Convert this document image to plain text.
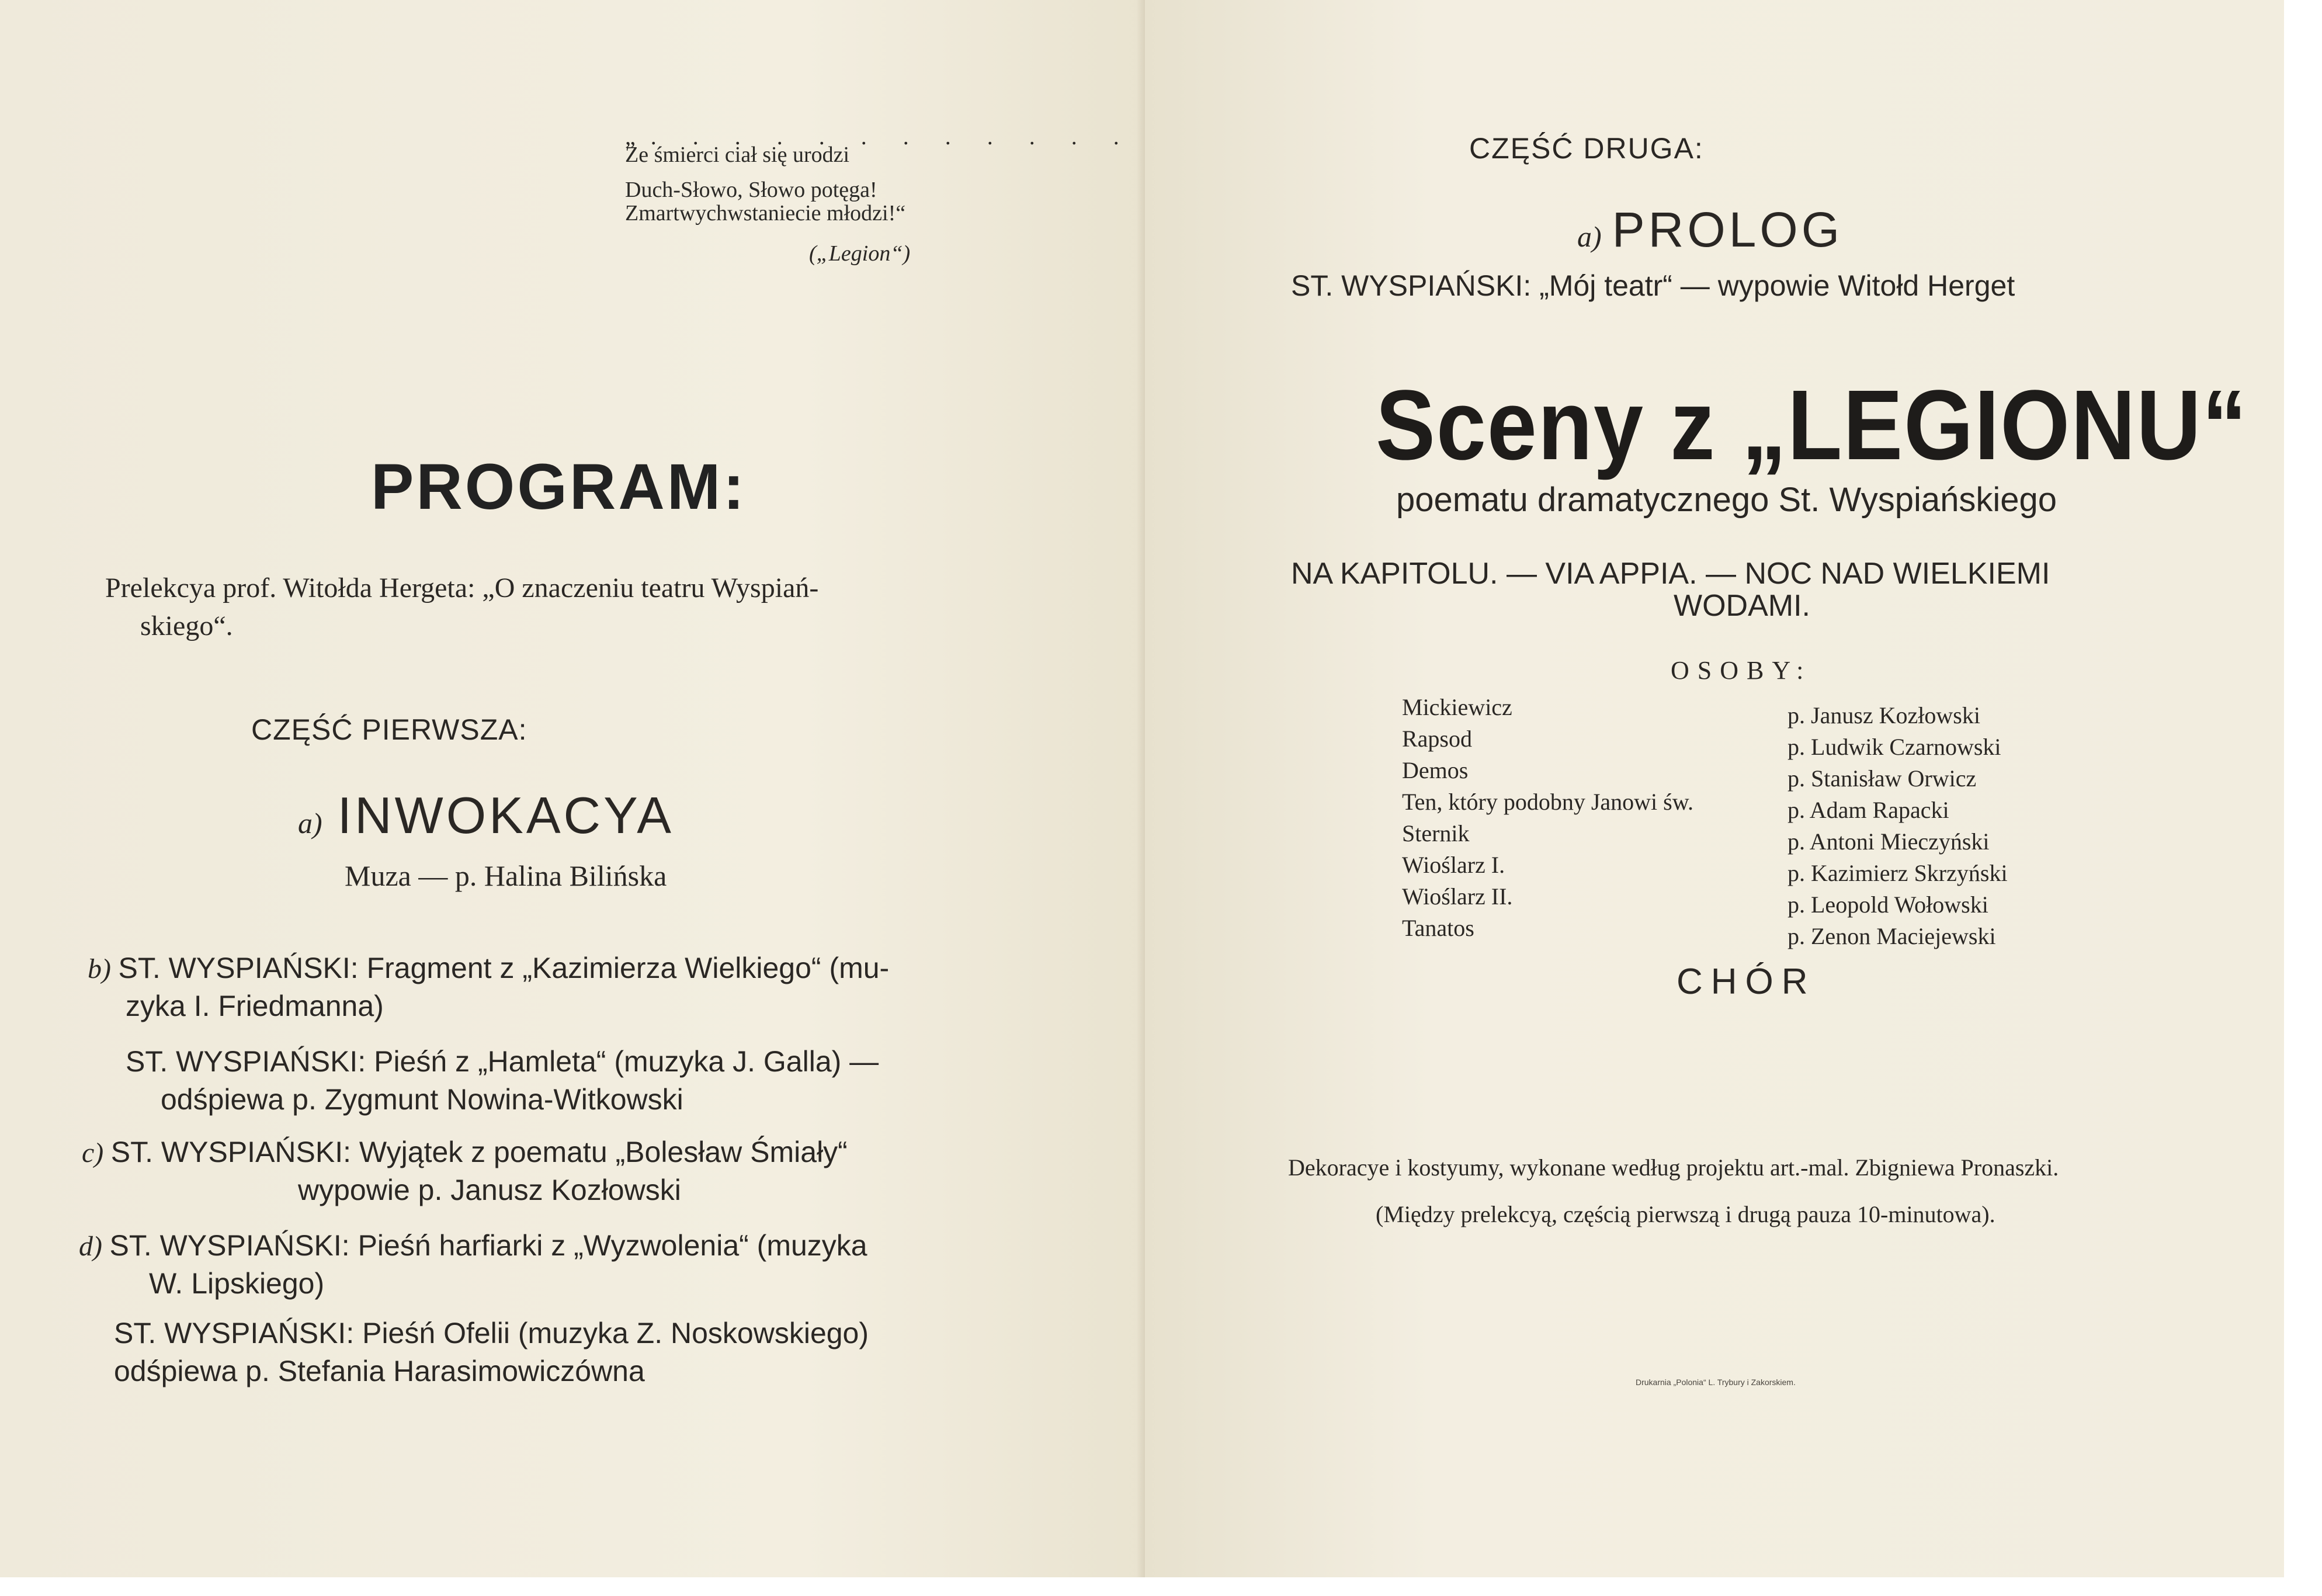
„. . . . . . . . . . . .

Ze śmierci ciał się urodzi

Duch-Słowo, Słowo potęga!

Zmartwychwstaniecie młodzi!“

(„Legion“)

PROGRAM:

Prelekcya prof. Witołda Hergeta: „O znaczeniu teatru Wyspiań-

skiego“.

CZĘŚĆ PIERWSZA:

a) INWOKACYA

Muza — p. Halina Bilińska

b) ST. WYSPIAŃSKI: Fragment z „Kazimierza Wielkiego“ (mu-

zyka I. Friedmanna)

ST. WYSPIAŃSKI: Pieśń z „Hamleta“ (muzyka J. Galla) —

odśpiewa p. Zygmunt Nowina-Witkowski

c) ST. WYSPIAŃSKI: Wyjątek z poematu „Bolesław Śmiały“

wypowie p. Janusz Kozłowski

d) ST. WYSPIAŃSKI: Pieśń harfiarki z „Wyzwolenia“ (muzyka

W. Lipskiego)

ST. WYSPIAŃSKI: Pieśń Ofelii (muzyka Z. Noskowskiego)

odśpiewa p. Stefania Harasimowiczówna

CZĘŚĆ DRUGA:

a) PROLOG

ST. WYSPIAŃSKI: „Mój teatr“ — wypowie Witołd Herget

Sceny z „LEGIONU“

poematu dramatycznego St. Wyspiańskiego

NA KAPITOLU. — VIA APPIA. — NOC NAD WIELKIEMI

WODAMI.

OSOBY:

Mickiewicz

Rapsod

Demos

Ten, który podobny Janowi św.

Sternik

Wioślarz I.

Wioślarz II.

Tanatos

p. Janusz Kozłowski

p. Ludwik Czarnowski

p. Stanisław Orwicz

p. Adam Rapacki

p. Antoni Mieczyński

p. Kazimierz Skrzyński

p. Leopold Wołowski

p. Zenon Maciejewski

CHÓR

Dekoracye i kostyumy, wykonane według projektu art.-mal. Zbigniewa Pronaszki.

(Między prelekcyą, częścią pierwszą i drugą pauza 10-minutowa).

Drukarnia „Polonia“ L. Trybury i Zakorskiem.
